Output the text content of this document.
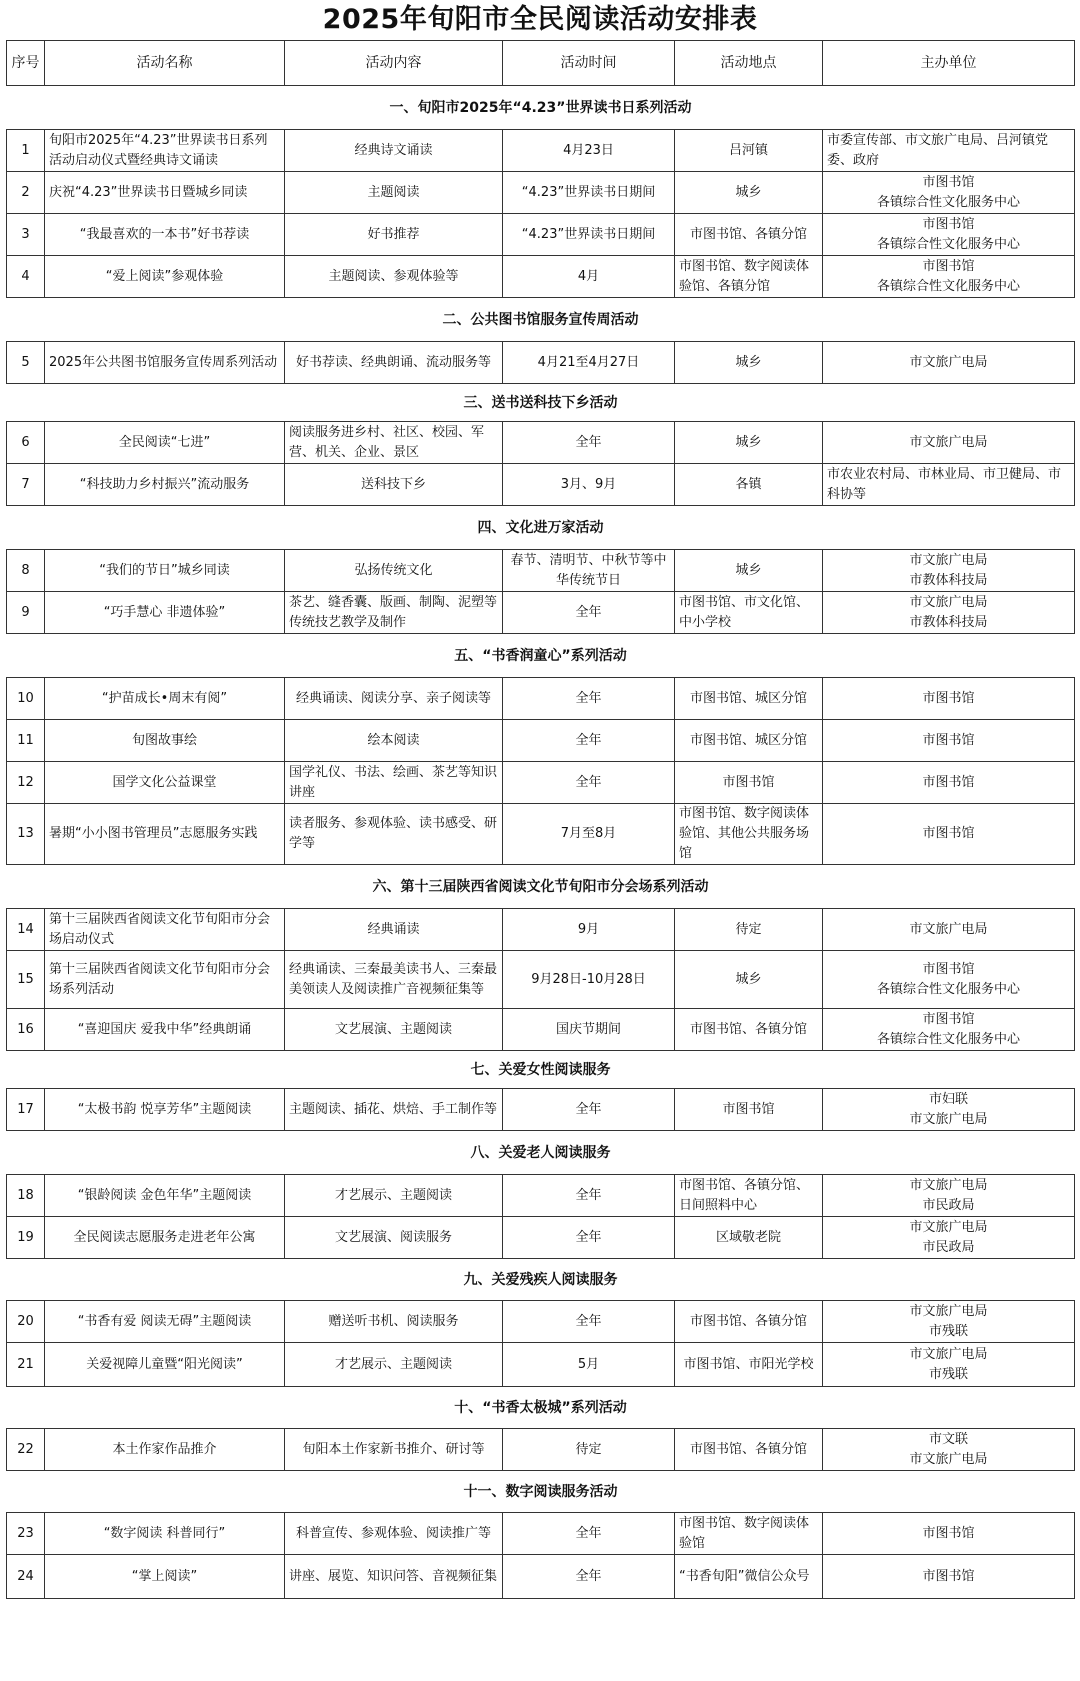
2025年旬阳市全民阅读活动安排表
序号	活动名称	活动内容	活动时间	活动地点	主办单位
一、旬阳市2025年“4.23”世界读书日系列活动					
1	旬阳市2025年“4.23”世界读书日系列活动启动仪式暨经典诗文诵读	经典诗文诵读	4月23日	吕河镇	市委宣传部、市文旅广电局、吕河镇党委、政府

2	庆祝“4.23”世界读书日暨城乡同读	主题阅读	“4.23”世界读书日期间	城乡	市图书馆
各镇综合性文化服务中心

3	“我最喜欢的一本书”好书荐读	好书推荐	“4.23”世界读书日期间	市图书馆、各镇分馆	市图书馆
各镇综合性文化服务中心

4	“爱上阅读”参观体验	主题阅读、参观体验等	4月	市图书馆、数字阅读体验馆、各镇分馆	市图书馆
各镇综合性文化服务中心

二、公共图书馆服务宣传周活动					
5	2025年公共图书馆服务宣传周系列活动	好书荐读、经典朗诵、流动服务等	4月21至4月27日	城乡	市文旅广电局

三、送书送科技下乡活动					
6	全民阅读“七进”	阅读服务进乡村、社区、校园、军营、机关、企业、景区	全年	城乡	市文旅广电局

7	“科技助力乡村振兴”流动服务	送科技下乡	3月、9月	各镇	市农业农村局、市林业局、市卫健局、市科协等

四、文化进万家活动					
8	“我们的节日”城乡同读	弘扬传统文化	春节、清明节、中秋节等中华传统节日	城乡	市文旅广电局
市教体科技局

9	“巧手慧心 非遗体验”	茶艺、缝香囊、版画、制陶、泥塑等传统技艺教学及制作	全年	市图书馆、市文化馆、中小学校	市文旅广电局
市教体科技局

五、“书香润童心”系列活动					
10	“护苗成长•周末有阅”	经典诵读、阅读分享、亲子阅读等	全年	市图书馆、城区分馆	市图书馆

11	旬图故事绘	绘本阅读	全年	市图书馆、城区分馆	市图书馆

12	国学文化公益课堂	国学礼仪、书法、绘画、茶艺等知识讲座	全年	市图书馆	市图书馆

13	暑期“小小图书管理员”志愿服务实践	读者服务、参观体验、读书感受、研学等	7月至8月	市图书馆、数字阅读体验馆、其他公共服务场馆	市图书馆

六、第十三届陕西省阅读文化节旬阳市分会场系列活动					
14	第十三届陕西省阅读文化节旬阳市分会场启动仪式	经典诵读	9月	待定	市文旅广电局

15	第十三届陕西省阅读文化节旬阳市分会场系列活动	经典诵读、三秦最美读书人、三秦最美领读人及阅读推广音视频征集等	9月28日-10月28日	城乡	市图书馆
各镇综合性文化服务中心

16	“喜迎国庆 爱我中华”经典朗诵	文艺展演、主题阅读	国庆节期间	市图书馆、各镇分馆	市图书馆
各镇综合性文化服务中心

七、关爱女性阅读服务					
17	“太极书韵 悦享芳华”主题阅读	主题阅读、插花、烘焙、手工制作等	全年	市图书馆	市妇联
市文旅广电局

八、关爱老人阅读服务					
18	“银龄阅读 金色年华”主题阅读	才艺展示、主题阅读	全年	市图书馆、各镇分馆、日间照料中心	市文旅广电局
市民政局

19	全民阅读志愿服务走进老年公寓	文艺展演、阅读服务	全年	区域敬老院	市文旅广电局
市民政局

九、关爱残疾人阅读服务					
20	“书香有爱 阅读无碍”主题阅读	赠送听书机、阅读服务	全年	市图书馆、各镇分馆	市文旅广电局
市残联

21	关爱视障儿童暨“阳光阅读”	才艺展示、主题阅读	5月	市图书馆、市阳光学校	市文旅广电局
市残联

十、“书香太极城”系列活动					
22	本土作家作品推介	旬阳本土作家新书推介、研讨等	待定	市图书馆、各镇分馆	市文联
市文旅广电局

十一、数字阅读服务活动					
23	“数字阅读 科普同行”	科普宣传、参观体验、阅读推广等	全年	市图书馆、数字阅读体验馆	市图书馆

24	“掌上阅读”	讲座、展览、知识问答、音视频征集	全年	“书香旬阳”微信公众号	市图书馆
